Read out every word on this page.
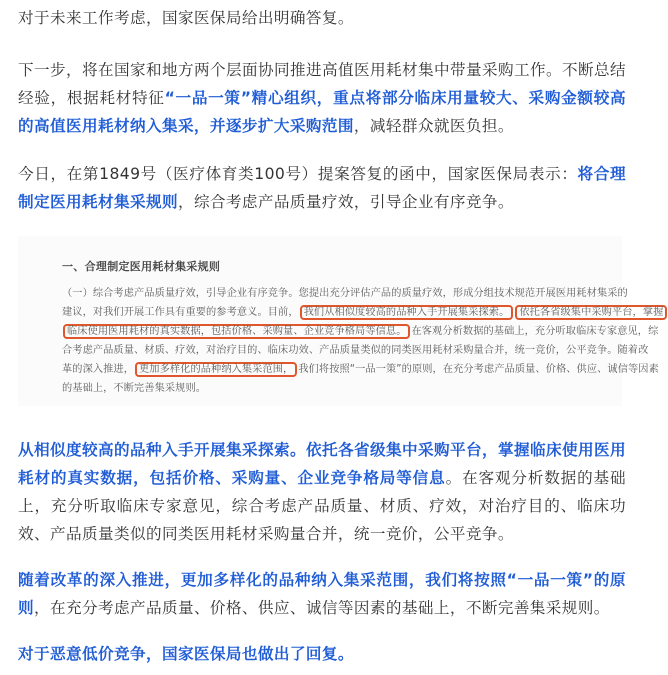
对于未来工作考虑，国家医保局给出明确答复。

下一步，将在国家和地方两个层面协同推进高值医用耗材集中带量采购工作。不断总结经验，根据耗材特征“一品一策”精心组织，重点将部分临床用量较大、采购金额较高的高值医用耗材纳入集采，并逐步扩大采购范围，减轻群众就医负担。

今日，在第1849号（医疗体育类100号）提案答复的函中，国家医保局表示：将合理制定医用耗材集采规则，综合考虑产品质量疗效，引导企业有序竞争。

一、合理制定医用耗材集采规则
（一）综合考虑产品质量疗效，引导企业有序竞争。您提出充分评估产品的质量疗效，形成分组技术规范开展医用耗材集采的
建议，对我们开展工作具有重要的参考意义。目前， 我们从相似度较高的品种入手开展集采探索。 依托各省级集中采购平台，掌握
临床使用医用耗材的真实数据，包括价格、采购量、企业竞争格局等信息。 在客观分析数据的基础上，充分听取临床专家意见，综
合考虑产品质量、材质、疗效，对治疗目的、临床功效、产品质量类似的同类医用耗材采购量合并，统一竞价，公平竞争。随着改
革的深入推进， 更加多样化的品种纳入集采范围， 我们将按照“一品一策”的原则，在充分考虑产品质量、价格、供应、诚信等因素
的基础上，不断完善集采规则。

从相似度较高的品种入手开展集采探索。依托各省级集中采购平台，掌握临床使用医用耗材的真实数据，包括价格、采购量、企业竞争格局等信息。在客观分析数据的基础上，充分听取临床专家意见，综合考虑产品质量、材质、疗效，对治疗目的、临床功效、产品质量类似的同类医用耗材采购量合并，统一竞价，公平竞争。

随着改革的深入推进，更加多样化的品种纳入集采范围，我们将按照“一品一策”的原则，在充分考虑产品质量、价格、供应、诚信等因素的基础上，不断完善集采规则。

对于恶意低价竞争，国家医保局也做出了回复。
